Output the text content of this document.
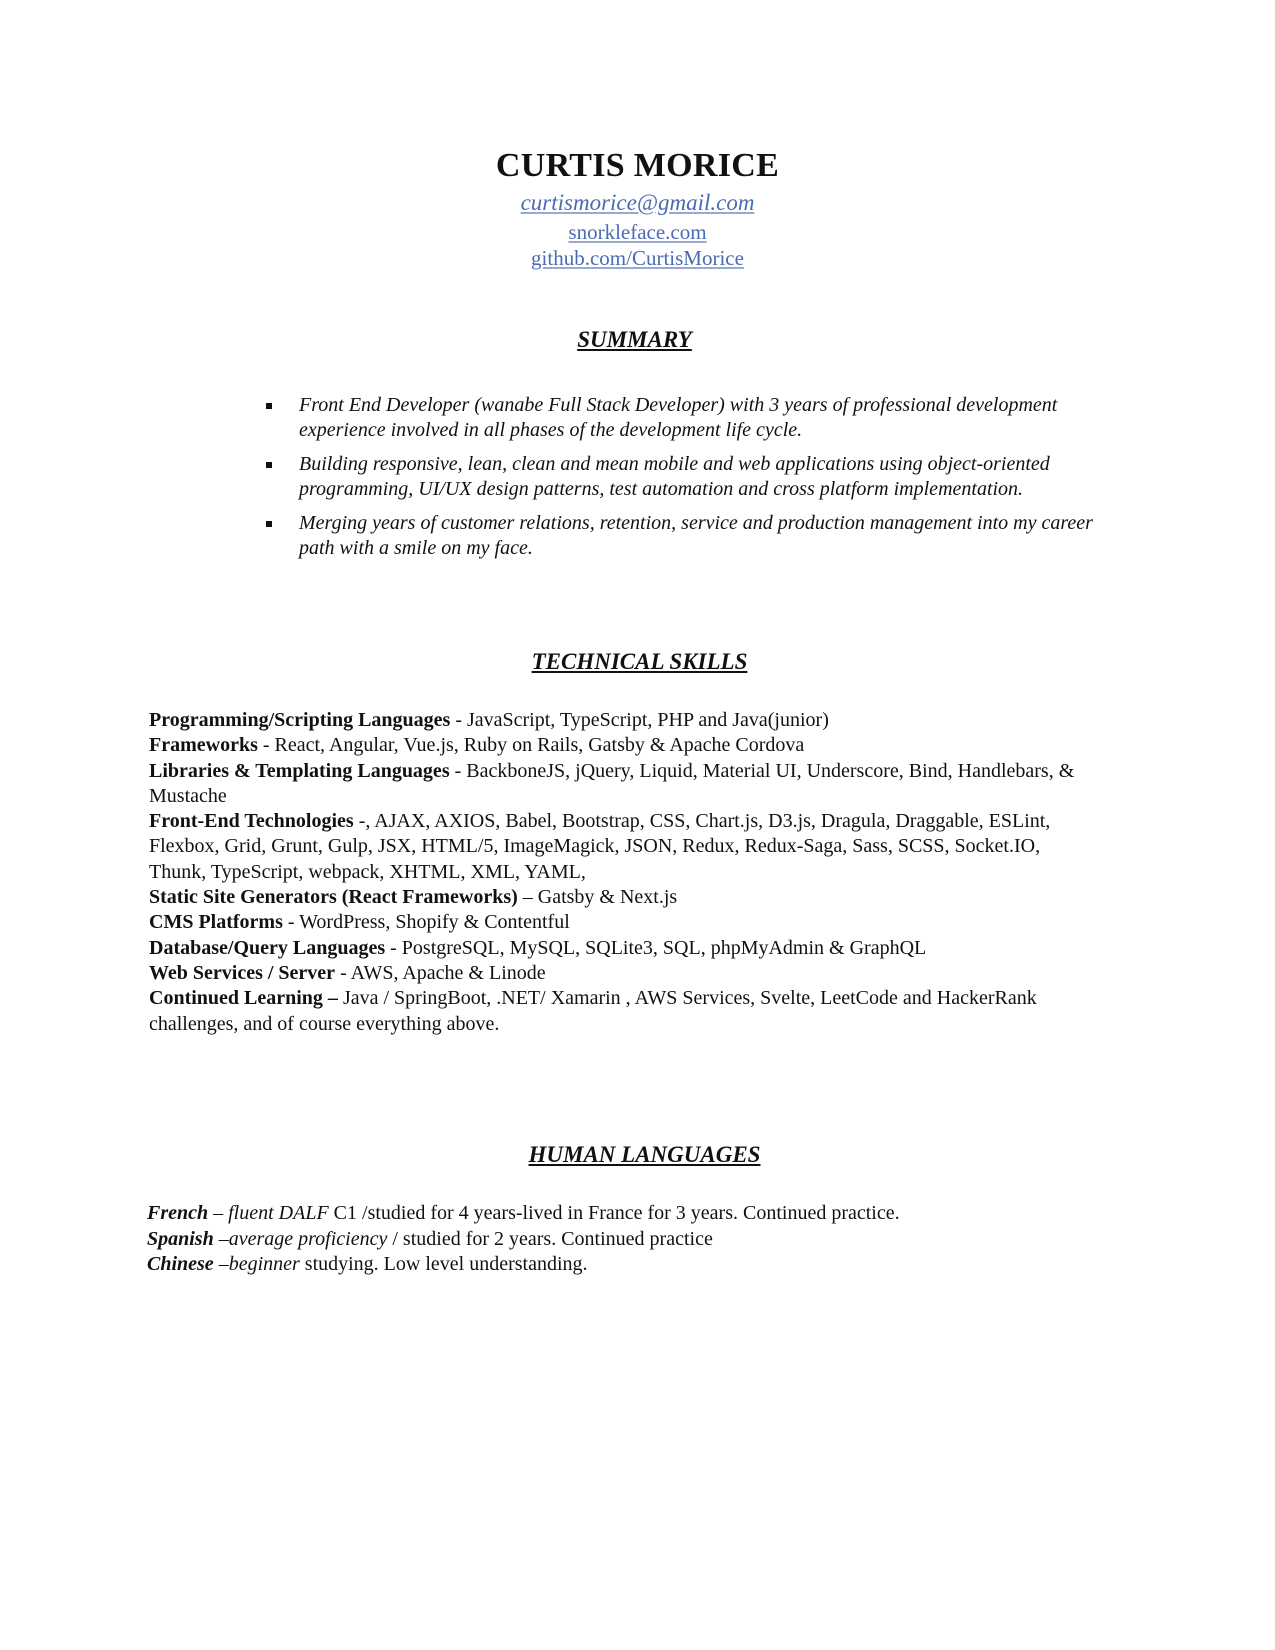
CURTIS MORICE
curtismorice@gmail.com
snorkleface.com
github.com/CurtisMorice
SUMMARY
Front End Developer (wanabe Full Stack Developer) with 3 years of professional development experience involved in all phases of the development life cycle.
Building responsive, lean, clean and mean mobile and web applications using object-oriented programming, UI/UX design patterns, test automation and cross platform implementation.
Merging years of customer relations, retention, service and production management into my career path with a smile on my face.
TECHNICAL SKILLS

Programming/Scripting Languages - JavaScript, TypeScript, PHP and Java(junior)

Frameworks - React, Angular, Vue.js, Ruby on Rails, Gatsby & Apache Cordova

Libraries & Templating Languages - BackboneJS, jQuery, Liquid, Material UI, Underscore, Bind, Handlebars, & Mustache

Front-End Technologies -, AJAX, AXIOS, Babel, Bootstrap, CSS, Chart.js, D3.js, Dragula, Draggable, ESLint, Flexbox, Grid, Grunt, Gulp, JSX, HTML/5, ImageMagick, JSON, Redux, Redux-Saga, Sass, SCSS, Socket.IO, Thunk, TypeScript, webpack, XHTML, XML, YAML,

Static Site Generators (React Frameworks) – Gatsby & Next.js

CMS Platforms - WordPress, Shopify & Contentful

Database/Query Languages - PostgreSQL, MySQL, SQLite3, SQL, phpMyAdmin & GraphQL

Web Services / Server - AWS, Apache & Linode

Continued Learning – Java / SpringBoot, .NET/ Xamarin , AWS Services, Svelte, LeetCode and HackerRank challenges, and of course everything above.

HUMAN LANGUAGES

French – fluent DALF C1 /studied for 4 years-lived in France for 3 years. Continued practice.

Spanish –average proficiency / studied for 2 years. Continued practice

Chinese –beginner studying. Low level understanding.
